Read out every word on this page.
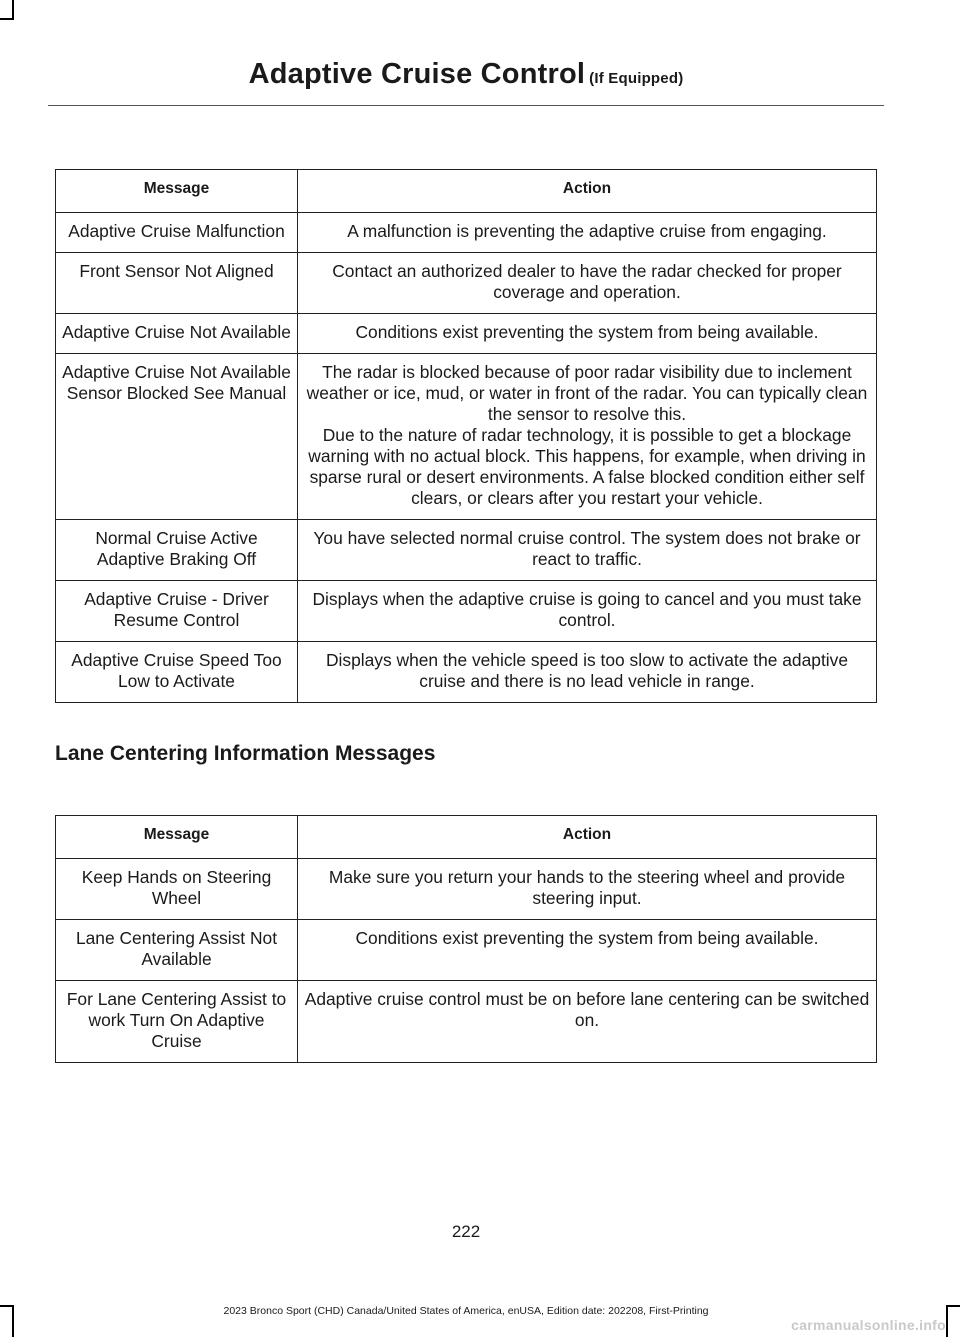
Adaptive Cruise Control (If Equipped)
Message	Action
Adaptive Cruise Malfunction	A malfunction is preventing the adaptive cruise from engaging.

Front Sensor Not Aligned	Contact an authorized dealer to have the radar checked for proper coverage and operation.

Adaptive Cruise Not Available	Conditions exist preventing the system from being available.

Adaptive Cruise Not Available Sensor Blocked See Manual	The radar is blocked because of poor radar visibility due to inclement weather or ice, mud, or water in front of the radar. You can typically clean the sensor to resolve this.

Due to the nature of radar technology, it is possible to get a blockage warning with no actual block. This happens, for example, when driving in sparse rural or desert environments. A false blocked condition either self clears, or clears after you restart your vehicle.

Normal Cruise Active Adaptive Braking Off	You have selected normal cruise control. The system does not brake or react to traffic.

Adaptive Cruise - Driver Resume Control	Displays when the adaptive cruise is going to cancel and you must take control.

Adaptive Cruise Speed Too Low to Activate	Displays when the vehicle speed is too slow to activate the adaptive cruise and there is no lead vehicle in range.

Lane Centering Information Messages
Message	Action
Keep Hands on Steering Wheel	Make sure you return your hands to the steering wheel and provide steering input.

Lane Centering Assist Not Available	Conditions exist preventing the system from being available.

For Lane Centering Assist to work Turn On Adaptive Cruise	Adaptive cruise control must be on before lane centering can be switched on.

222
2023 Bronco Sport (CHD) Canada/United States of America, enUSA, Edition date: 202208, First-Printing
carmanualsonline.info
